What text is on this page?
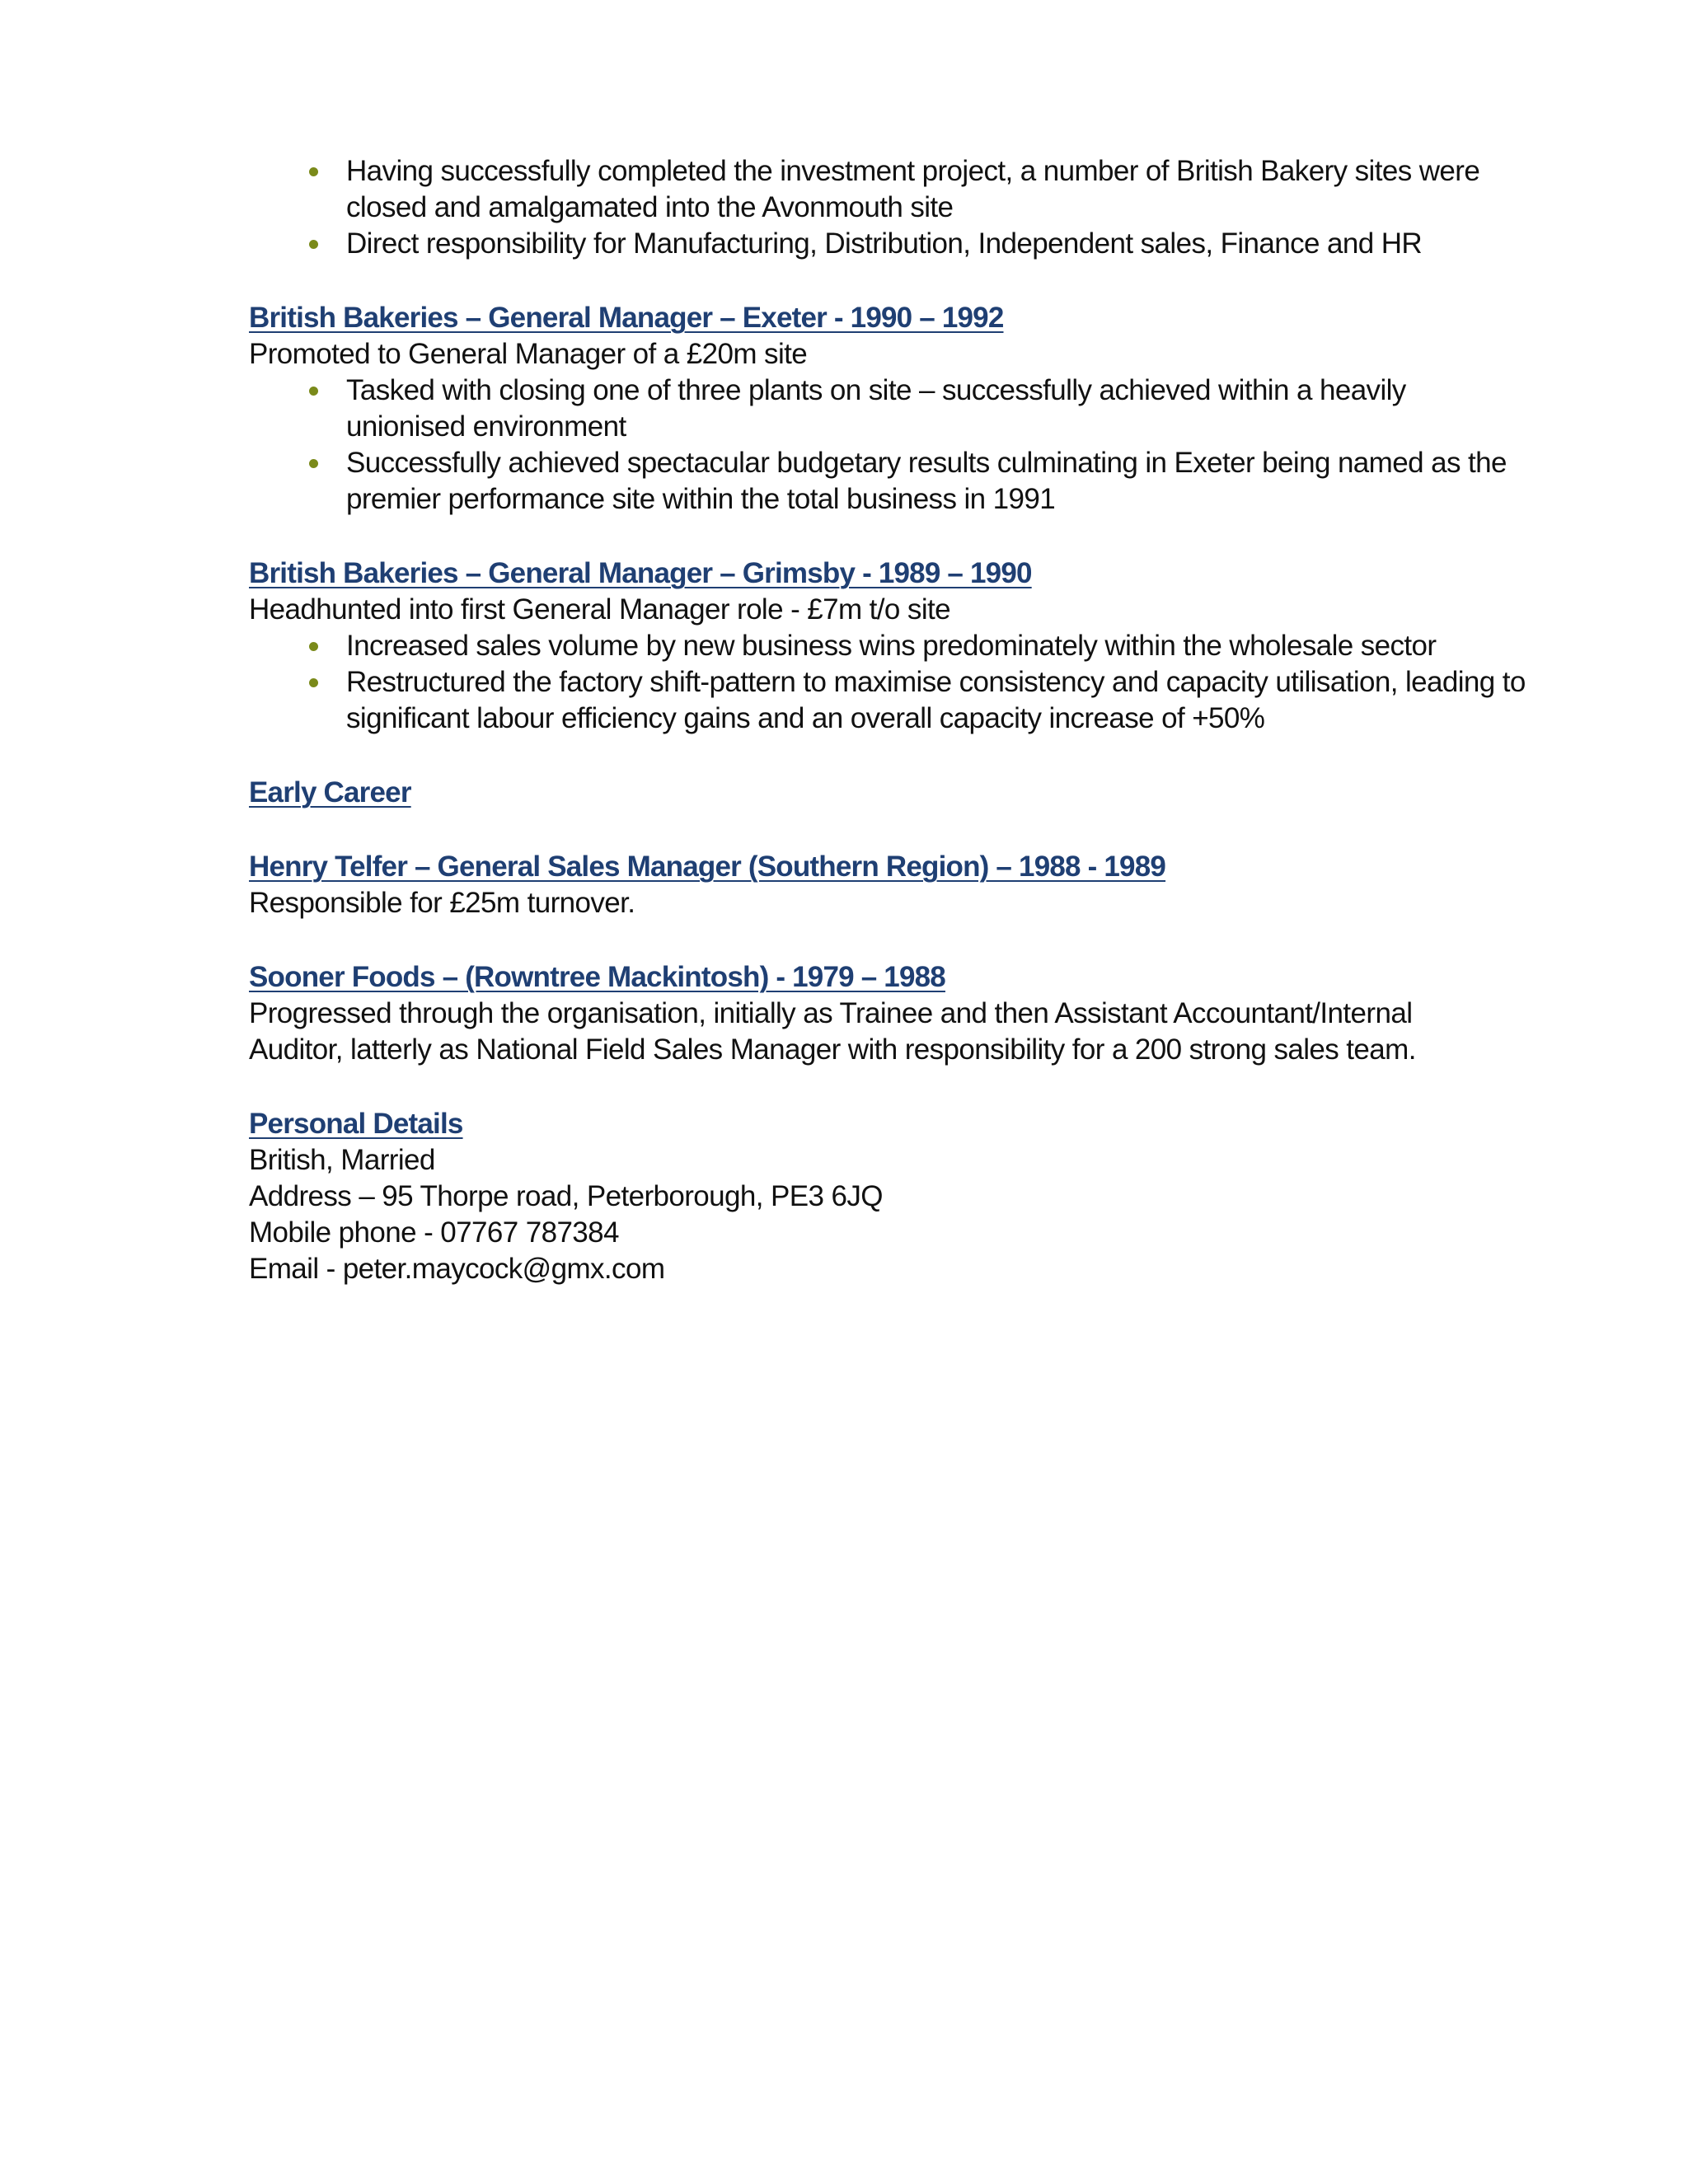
Having successfully completed the investment project, a number of British Bakery sites were closed and amalgamated into the Avonmouth site
Direct responsibility for Manufacturing, Distribution, Independent sales, Finance and HR
British Bakeries – General Manager – Exeter - 1990 – 1992
Promoted to General Manager of a £20m site
Tasked with closing one of three plants on site – successfully achieved within a heavily unionised environment
Successfully achieved spectacular budgetary results culminating in Exeter being named as the premier performance site within the total business in 1991
British Bakeries – General Manager – Grimsby - 1989 – 1990
Headhunted into first General Manager role - £7m t/o site
Increased sales volume by new business wins predominately within the wholesale sector
Restructured the factory shift-pattern to maximise consistency and capacity utilisation, leading to significant labour efficiency gains and an overall capacity increase of +50%
Early Career
Henry Telfer – General Sales Manager (Southern Region) – 1988 - 1989
Responsible for £25m turnover.
Sooner Foods – (Rowntree Mackintosh) - 1979 – 1988
Progressed through the organisation, initially as Trainee and then Assistant Accountant/Internal
Auditor, latterly as National Field Sales Manager with responsibility for a 200 strong sales team.
Personal Details
British, Married
Address – 95 Thorpe road, Peterborough, PE3 6JQ
Mobile phone - 07767 787384
Email - peter.maycock@gmx.com
